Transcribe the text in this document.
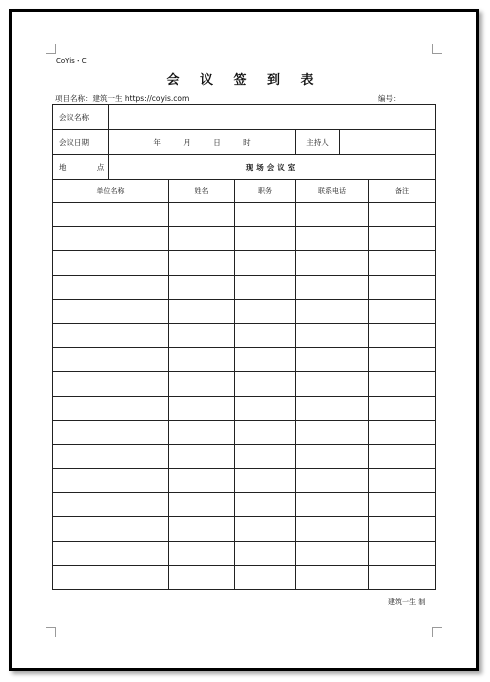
CoYis・C
会 议 签 到 表
项目名称：建筑一生 https://coyis.com	编号：
会议名称			
会议日期	年 月 日 时	主持人	
地 点	现场会议室		
单位名称	姓名	职务	联系电话	备注

建筑一生 制
